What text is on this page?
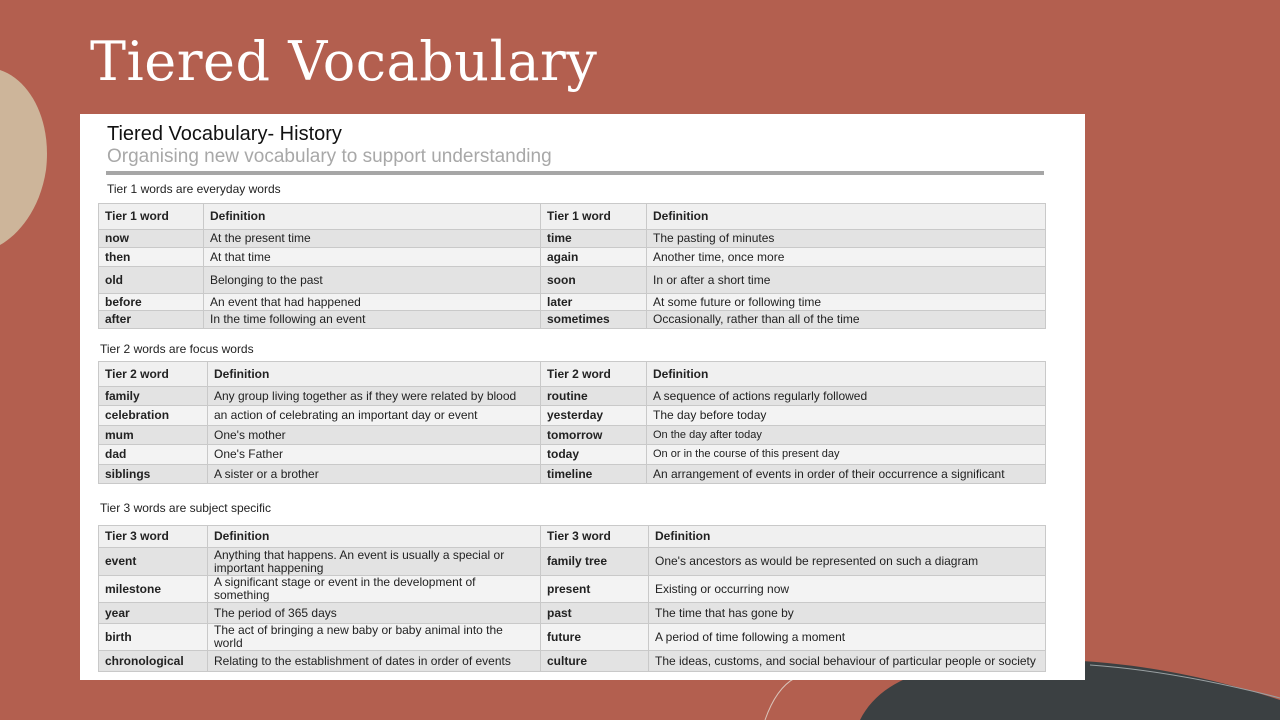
Tiered Vocabulary
Tiered Vocabulary- History
Organising new vocabulary to support understanding
Tier 1 words are everyday words
Tier 1 word	Definition	Tier 1 word	Definition
now	At the present time	time	The pasting of minutes
then	At that time	again	Another time, once more
old	Belonging to the past	soon	In or after a short time
before	An event that had happened	later	At some future or following time
after	In the time following an event	sometimes	Occasionally, rather than all of the time
Tier 2 words are focus words
Tier 2 word	Definition	Tier 2 word	Definition
family	Any group living together as if they were related by blood	routine	A sequence of actions regularly followed
celebration	an action of celebrating an important day or event	yesterday	The day before today
mum	One's mother	tomorrow	On the day after today
dad	One's Father	today	On or in the course of this present day
siblings	A sister or a brother	timeline	An arrangement of events in order of their occurrence a significant
Tier 3 words are subject specific
Tier 3 word	Definition	Tier 3 word	Definition
event	Anything that happens. An event is usually a special or important happening	family tree	One's ancestors as would be represented on such a diagram
milestone	A significant stage or event in the development of something	present	Existing or occurring now
year	The period of 365 days	past	The time that has gone by
birth	The act of bringing a new baby or baby animal into the world	future	A period of time following a moment
chronological	Relating to the establishment of dates in order of events	culture	The ideas, customs, and social behaviour of particular people or society
